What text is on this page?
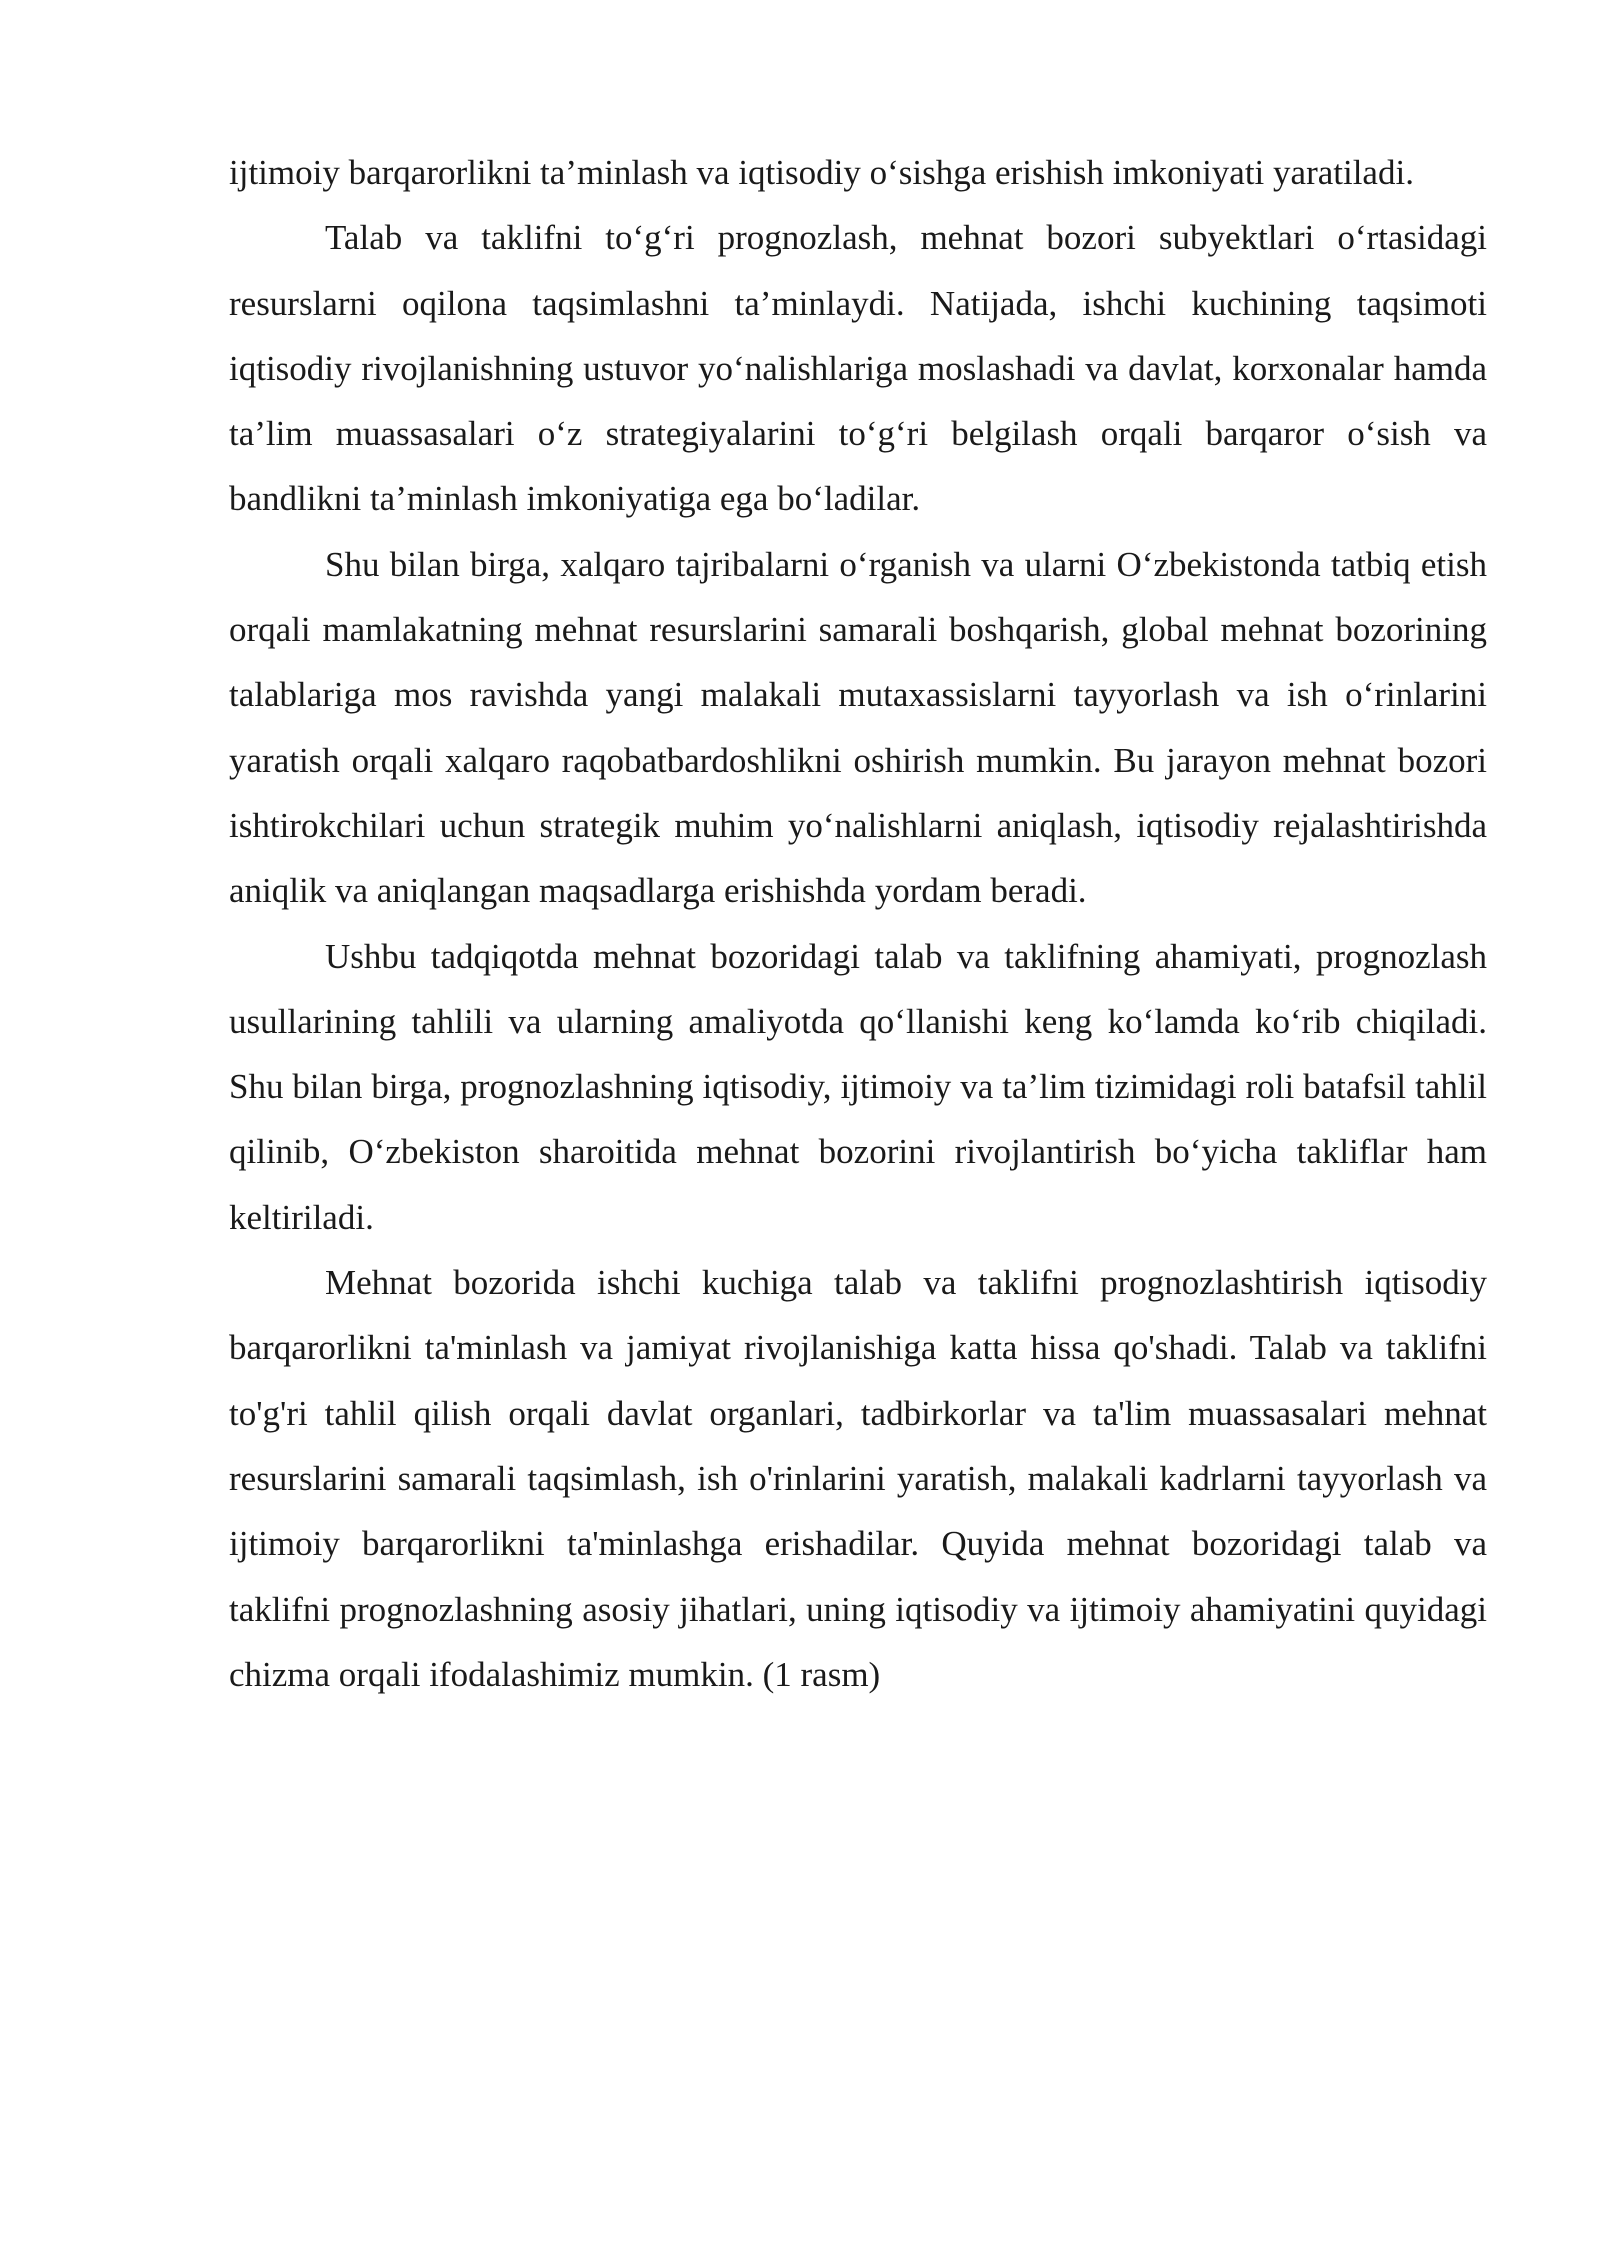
ijtimoiy barqarorlikni ta’minlash va iqtisodiy o‘sishga erishish imkoniyati yaratiladi.

Talab va taklifni to‘g‘ri prognozlash, mehnat bozori subyektlari o‘rtasidagi resurslarni oqilona taqsimlashni ta’minlaydi. Natijada, ishchi kuchining taqsimoti iqtisodiy rivojlanishning ustuvor yo‘nalishlariga moslashadi va davlat, korxonalar hamda ta’lim muassasalari o‘z strategiyalarini to‘g‘ri belgilash orqali barqaror o‘sish va bandlikni ta’minlash imkoniyatiga ega bo‘ladilar.

Shu bilan birga, xalqaro tajribalarni o‘rganish va ularni O‘zbekistonda tatbiq etish orqali mamlakatning mehnat resurslarini samarali boshqarish, global mehnat bozorining talablariga mos ravishda yangi malakali mutaxassislarni tayyorlash va ish o‘rinlarini yaratish orqali xalqaro raqobatbardoshlikni oshirish mumkin. Bu jarayon mehnat bozori ishtirokchilari uchun strategik muhim yo‘nalishlarni aniqlash, iqtisodiy rejalashtirishda aniqlik va aniqlangan maqsadlarga erishishda yordam beradi.

Ushbu tadqiqotda mehnat bozoridagi talab va taklifning ahamiyati, prognozlash usullarining tahlili va ularning amaliyotda qo‘llanishi keng ko‘lamda ko‘rib chiqiladi. Shu bilan birga, prognozlashning iqtisodiy, ijtimoiy va ta’lim tizimidagi roli batafsil tahlil qilinib, O‘zbekiston sharoitida mehnat bozorini rivojlantirish bo‘yicha takliflar ham keltiriladi.

Mehnat bozorida ishchi kuchiga talab va taklifni prognozlashtirish iqtisodiy barqarorlikni ta'minlash va jamiyat rivojlanishiga katta hissa qo'shadi. Talab va taklifni to'g'ri tahlil qilish orqali davlat organlari, tadbirkorlar va ta'lim muassasalari mehnat resurslarini samarali taqsimlash, ish o'rinlarini yaratish, malakali kadrlarni tayyorlash va ijtimoiy barqarorlikni ta'minlashga erishadilar. Quyida mehnat bozoridagi talab va taklifni prognozlashning asosiy jihatlari, uning iqtisodiy va ijtimoiy ahamiyatini quyidagi chizma orqali ifodalashimiz mumkin. (1 rasm)
